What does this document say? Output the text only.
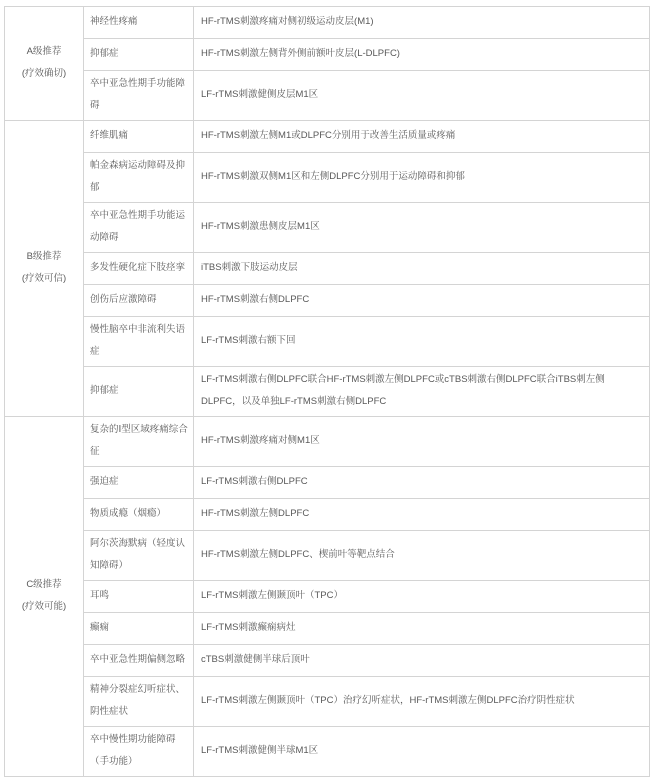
A级推荐
(疗效确切)	神经性疼痛	HF-rTMS刺激疼痛对侧初级运动皮层(M1)
	抑郁症	HF-rTMS刺激左侧背外侧前额叶皮层(L-DLPFC)
	卒中亚急性期手功能障碍	LF-rTMS刺激健侧皮层M1区

B级推荐
(疗效可信)	纤维肌痛	HF-rTMS刺激左侧M1或DLPFC分别用于改善生活质量或疼痛
	帕金森病运动障碍及抑郁	HF-rTMS刺激双侧M1区和左侧DLPFC分别用于运动障碍和抑郁
	卒中亚急性期手功能运动障碍	HF-rTMS刺激患侧皮层M1区
	多发性硬化症下肢痉挛	iTBS刺激下肢运动皮层
	创伤后应激障碍	HF-rTMS刺激右侧DLPFC
	慢性脑卒中非流利失语症	LF-rTMS刺激右额下回
	抑郁症	LF-rTMS刺激右侧DLPFC联合HF-rTMS刺激左侧DLPFC或cTBS刺激右侧DLPFC联合iTBS刺左侧DLPFC，以及单独LF-rTMS刺激右侧DLPFC

C级推荐
(疗效可能)	复杂的Ⅰ型区域疼痛综合征	HF-rTMS刺激疼痛对侧M1区
	强迫症	LF-rTMS刺激右侧DLPFC
	物质成瘾（烟瘾）	HF-rTMS刺激左侧DLPFC
	阿尔茨海默病（轻度认知障碍）	HF-rTMS刺激左侧DLPFC、楔前叶等靶点结合
	耳鸣	LF-rTMS刺激左侧颞顶叶（TPC）
	癫痫	LF-rTMS刺激癫痫病灶
	卒中亚急性期偏侧忽略	cTBS刺激健侧半球后顶叶
	精神分裂症幻听症状、阴性症状	LF-rTMS刺激左侧颞顶叶（TPC）治疗幻听症状，HF-rTMS刺激左侧DLPFC治疗阴性症状
	卒中慢性期功能障碍（手功能）	LF-rTMS刺激健侧半球M1区
